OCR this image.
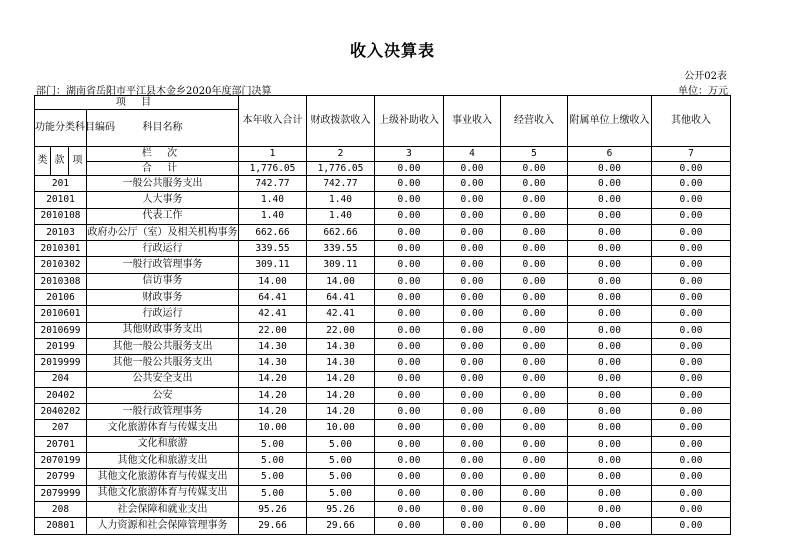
收入决算表
公开02表
部门：湖南省岳阳市平江县木金乡2020年度部门决算	单位：万元
项 目				本年收入合计	财政拨款收入	上级补助收入	事业收入	经营收入	附属单位上缴收入	其他收入
功能分类科目编码			科目名称							
类	款	项	栏 次	1	2	3	4	5	6	7
			合 计	1,776.05	1,776.05	0.00	0.00	0.00	0.00	0.00
201			一般公共服务支出	742.77	742.77	0.00	0.00	0.00	0.00	0.00
20101			人大事务	1.40	1.40	0.00	0.00	0.00	0.00	0.00
2010108			代表工作	1.40	1.40	0.00	0.00	0.00	0.00	0.00
20103			政府办公厅（室）及相关机构事务	662.66	662.66	0.00	0.00	0.00	0.00	0.00
2010301			行政运行	339.55	339.55	0.00	0.00	0.00	0.00	0.00
2010302			一般行政管理事务	309.11	309.11	0.00	0.00	0.00	0.00	0.00
2010308			信访事务	14.00	14.00	0.00	0.00	0.00	0.00	0.00
20106			财政事务	64.41	64.41	0.00	0.00	0.00	0.00	0.00
2010601			行政运行	42.41	42.41	0.00	0.00	0.00	0.00	0.00
2010699			其他财政事务支出	22.00	22.00	0.00	0.00	0.00	0.00	0.00
20199			其他一般公共服务支出	14.30	14.30	0.00	0.00	0.00	0.00	0.00
2019999			其他一般公共服务支出	14.30	14.30	0.00	0.00	0.00	0.00	0.00
204			公共安全支出	14.20	14.20	0.00	0.00	0.00	0.00	0.00
20402			公安	14.20	14.20	0.00	0.00	0.00	0.00	0.00
2040202			一般行政管理事务	14.20	14.20	0.00	0.00	0.00	0.00	0.00
207			文化旅游体育与传媒支出	10.00	10.00	0.00	0.00	0.00	0.00	0.00
20701			文化和旅游	5.00	5.00	0.00	0.00	0.00	0.00	0.00
2070199			其他文化和旅游支出	5.00	5.00	0.00	0.00	0.00	0.00	0.00
20799			其他文化旅游体育与传媒支出	5.00	5.00	0.00	0.00	0.00	0.00	0.00
2079999			其他文化旅游体育与传媒支出	5.00	5.00	0.00	0.00	0.00	0.00	0.00
208			社会保障和就业支出	95.26	95.26	0.00	0.00	0.00	0.00	0.00
20801			人力资源和社会保障管理事务	29.66	29.66	0.00	0.00	0.00	0.00	0.00
